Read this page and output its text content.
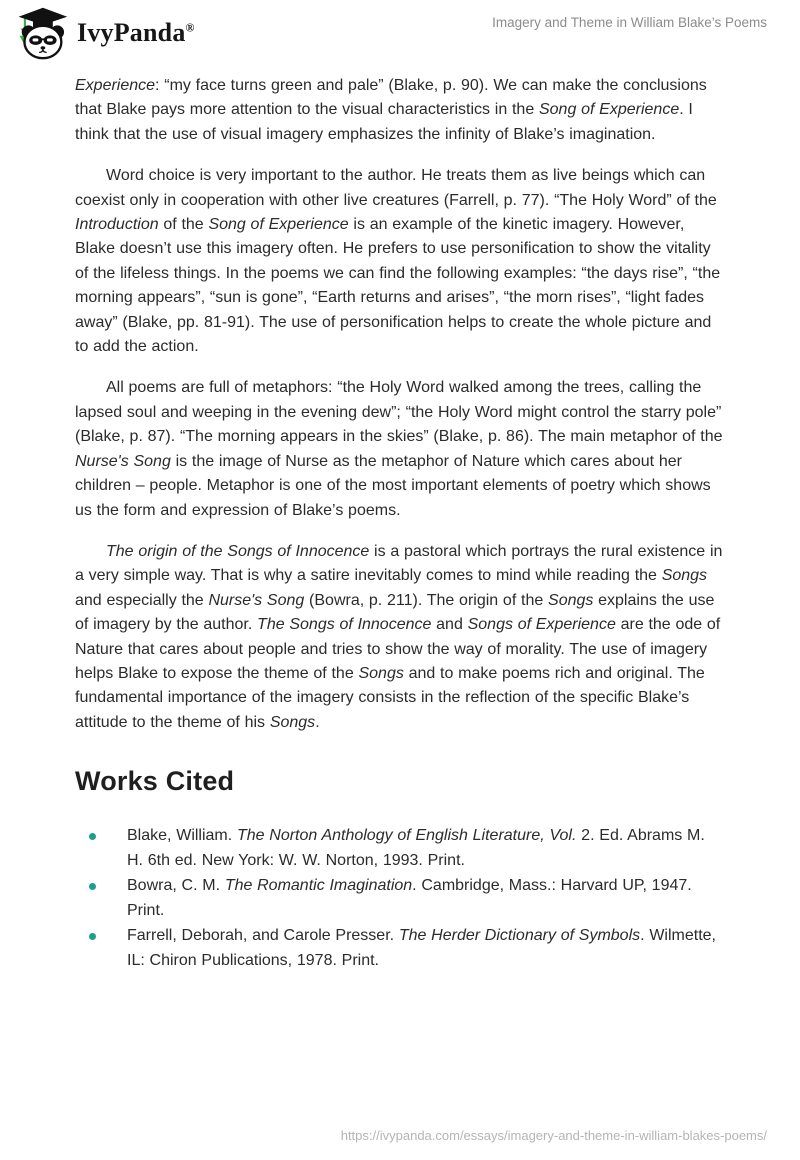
IvyPanda®	Imagery and Theme in William Blake’s Poems

Experience: “my face turns green and pale” (Blake, p. 90). We can make the conclusions that Blake pays more attention to the visual characteristics in the Song of Experience. I think that the use of visual imagery emphasizes the infinity of Blake’s imagination.

Word choice is very important to the author. He treats them as live beings which can coexist only in cooperation with other live creatures (Farrell, p. 77). “The Holy Word” of the Introduction of the Song of Experience is an example of the kinetic imagery. However, Blake doesn’t use this imagery often. He prefers to use personification to show the vitality of the lifeless things. In the poems we can find the following examples: “the days rise”, “the morning appears”, “sun is gone”, “Earth returns and arises”, “the morn rises”, “light fades away” (Blake, pp. 81-91). The use of personification helps to create the whole picture and to add the action.

All poems are full of metaphors: “the Holy Word walked among the trees, calling the lapsed soul and weeping in the evening dew”; “the Holy Word might control the starry pole” (Blake, p. 87). “The morning appears in the skies” (Blake, p. 86). The main metaphor of the Nurse's Song is the image of Nurse as the metaphor of Nature which cares about her children – people. Metaphor is one of the most important elements of poetry which shows us the form and expression of Blake’s poems.

The origin of the Songs of Innocence is a pastoral which portrays the rural existence in a very simple way. That is why a satire inevitably comes to mind while reading the Songs and especially the Nurse's Song (Bowra, p. 211). The origin of the Songs explains the use of imagery by the author. The Songs of Innocence and Songs of Experience are the ode of Nature that cares about people and tries to show the way of morality. The use of imagery helps Blake to expose the theme of the Songs and to make poems rich and original. The fundamental importance of the imagery consists in the reflection of the specific Blake’s attitude to the theme of his Songs.

Works Cited
Blake, William. The Norton Anthology of English Literature, Vol. 2. Ed. Abrams M. H. 6th ed. New York: W. W. Norton, 1993. Print.
Bowra, C. M. The Romantic Imagination. Cambridge, Mass.: Harvard UP, 1947. Print.
Farrell, Deborah, and Carole Presser. The Herder Dictionary of Symbols. Wilmette, IL: Chiron Publications, 1978. Print.
https://ivypanda.com/essays/imagery-and-theme-in-william-blakes-poems/
